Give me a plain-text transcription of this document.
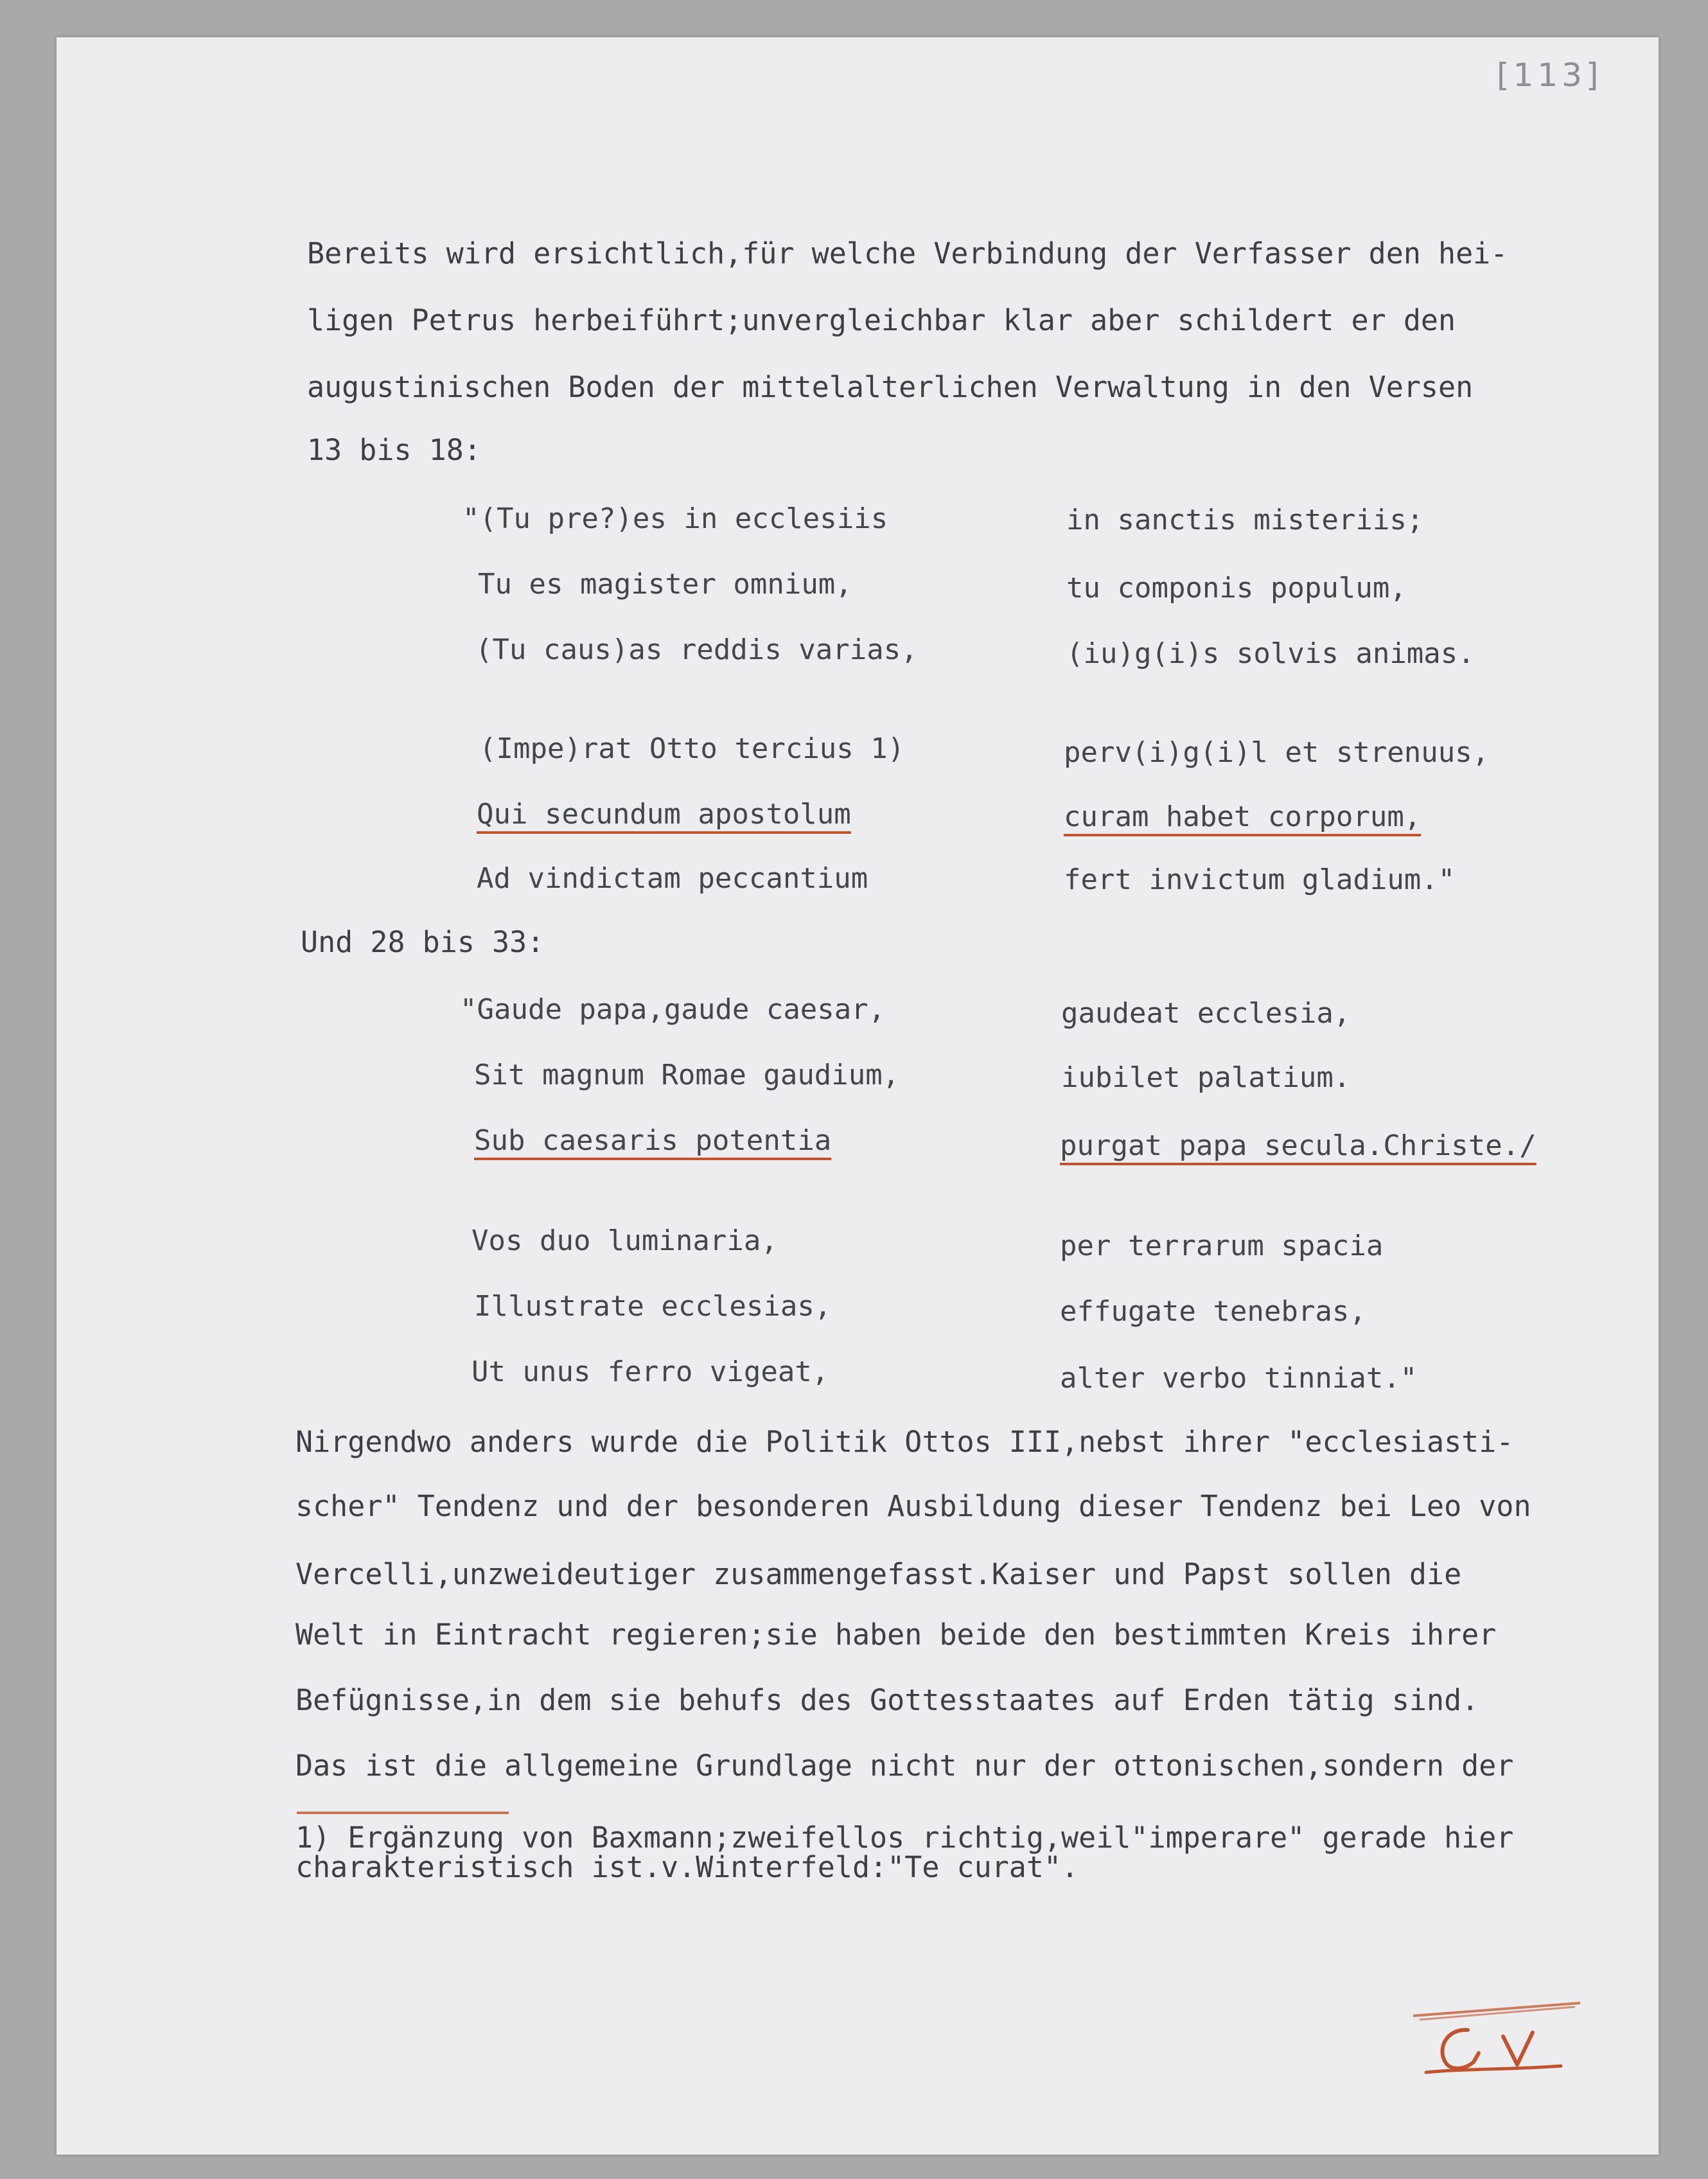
[113]
Bereits wird ersichtlich,für welche Verbindung der Verfasser den hei-
ligen Petrus herbeiführt;unvergleichbar klar aber schildert er den
augustinischen Boden der mittelalterlichen Verwaltung in den Versen
13 bis 18:
"(Tu pre?)es in ecclesiis
Tu es magister omnium,
(Tu caus)as reddis varias,
(Impe)rat Otto tercius 1)
Qui secundum apostolum
Ad vindictam peccantium
in sanctis misteriis;
tu componis populum,
(iu)g(i)s solvis animas.
perv(i)g(i)l et strenuus,
curam habet corporum,
fert invictum gladium."
Und 28 bis 33:
"Gaude papa,gaude caesar,
Sit magnum Romae gaudium,
Sub caesaris potentia
Vos duo luminaria,
Illustrate ecclesias,
Ut unus ferro vigeat,
gaudeat ecclesia,
iubilet palatium.
purgat papa secula.Christe./
per terrarum spacia
effugate tenebras,
alter verbo tinniat."
Nirgendwo anders wurde die Politik Ottos III,nebst ihrer "ecclesiasti-
scher" Tendenz und der besonderen Ausbildung dieser Tendenz bei Leo von
Vercelli,unzweideutiger zusammengefasst.Kaiser und Papst sollen die
Welt in Eintracht regieren;sie haben beide den bestimmten Kreis ihrer
Befügnisse,in dem sie behufs des Gottesstaates auf Erden tätig sind.
Das ist die allgemeine Grundlage nicht nur der ottonischen,sondern der
1) Ergänzung von Baxmann;zweifellos richtig,weil"imperare" gerade hier
charakteristisch ist.v.Winterfeld:"Te curat".
